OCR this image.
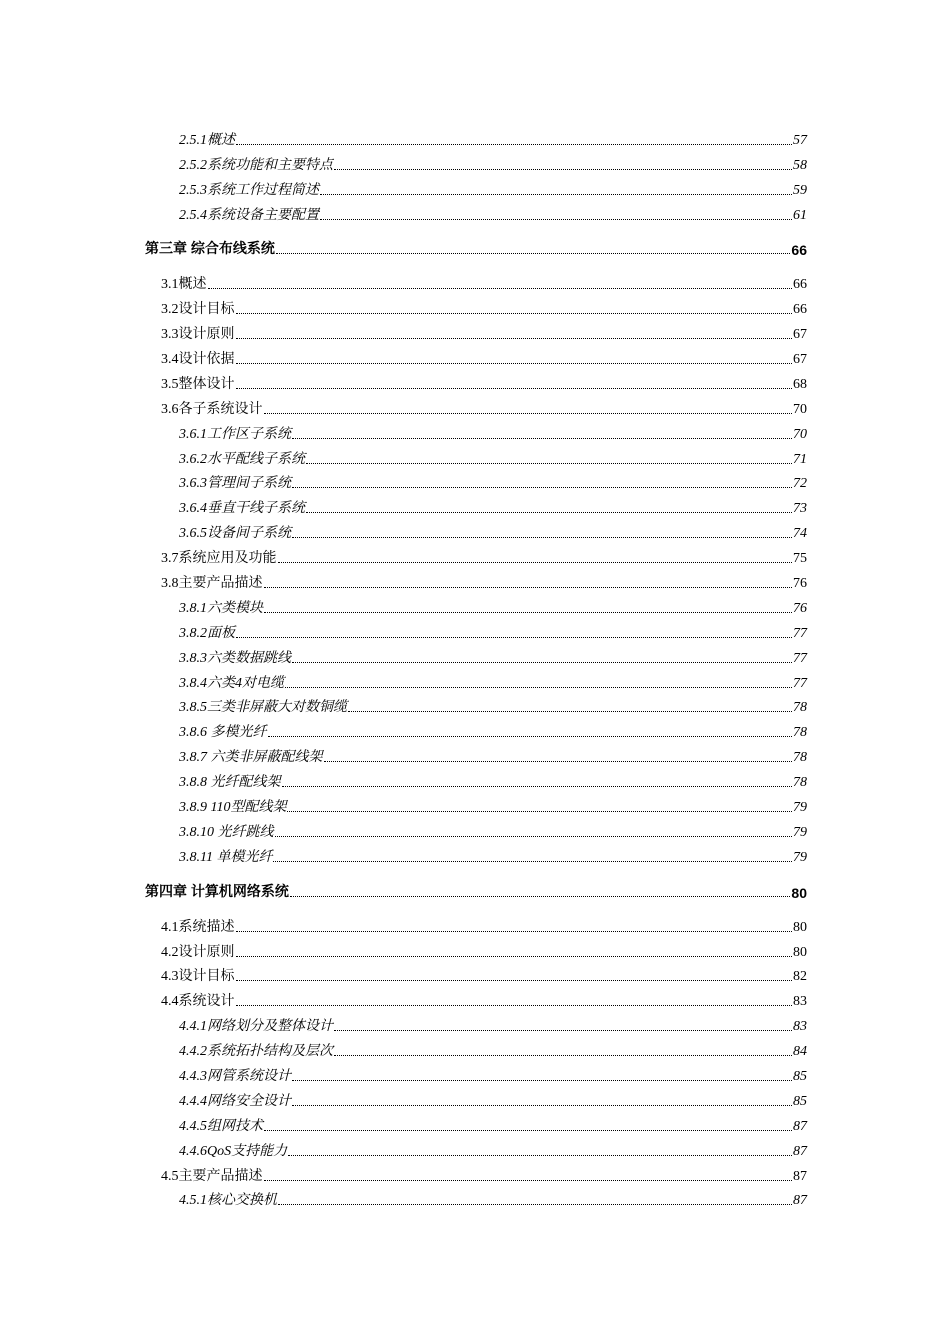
2.5.1概述	57
2.5.2系统功能和主要特点	58
2.5.3系统工作过程简述	59
2.5.4系统设备主要配置	61
第三章 综合布线系统	66
3.1概述	66
3.2设计目标	66
3.3设计原则	67
3.4设计依据	67
3.5整体设计	68
3.6各子系统设计	70
3.6.1工作区子系统	70
3.6.2水平配线子系统	71
3.6.3管理间子系统	72
3.6.4垂直干线子系统	73
3.6.5设备间子系统	74
3.7系统应用及功能	75
3.8主要产品描述	76
3.8.1六类模块	76
3.8.2面板	77
3.8.3六类数据跳线	77
3.8.4六类4对电缆	77
3.8.5三类非屏蔽大对数铜缆	78
3.8.6 多模光纤	78
3.8.7 六类非屏蔽配线架	78
3.8.8 光纤配线架	78
3.8.9 110型配线架	79
3.8.10 光纤跳线	79
3.8.11 单模光纤	79
第四章 计算机网络系统	80
4.1系统描述	80
4.2设计原则	80
4.3设计目标	82
4.4系统设计	83
4.4.1网络划分及整体设计	83
4.4.2系统拓扑结构及层次	84
4.4.3网管系统设计	85
4.4.4网络安全设计	85
4.4.5组网技术	87
4.4.6QoS支持能力	87
4.5主要产品描述	87
4.5.1核心交换机	87
